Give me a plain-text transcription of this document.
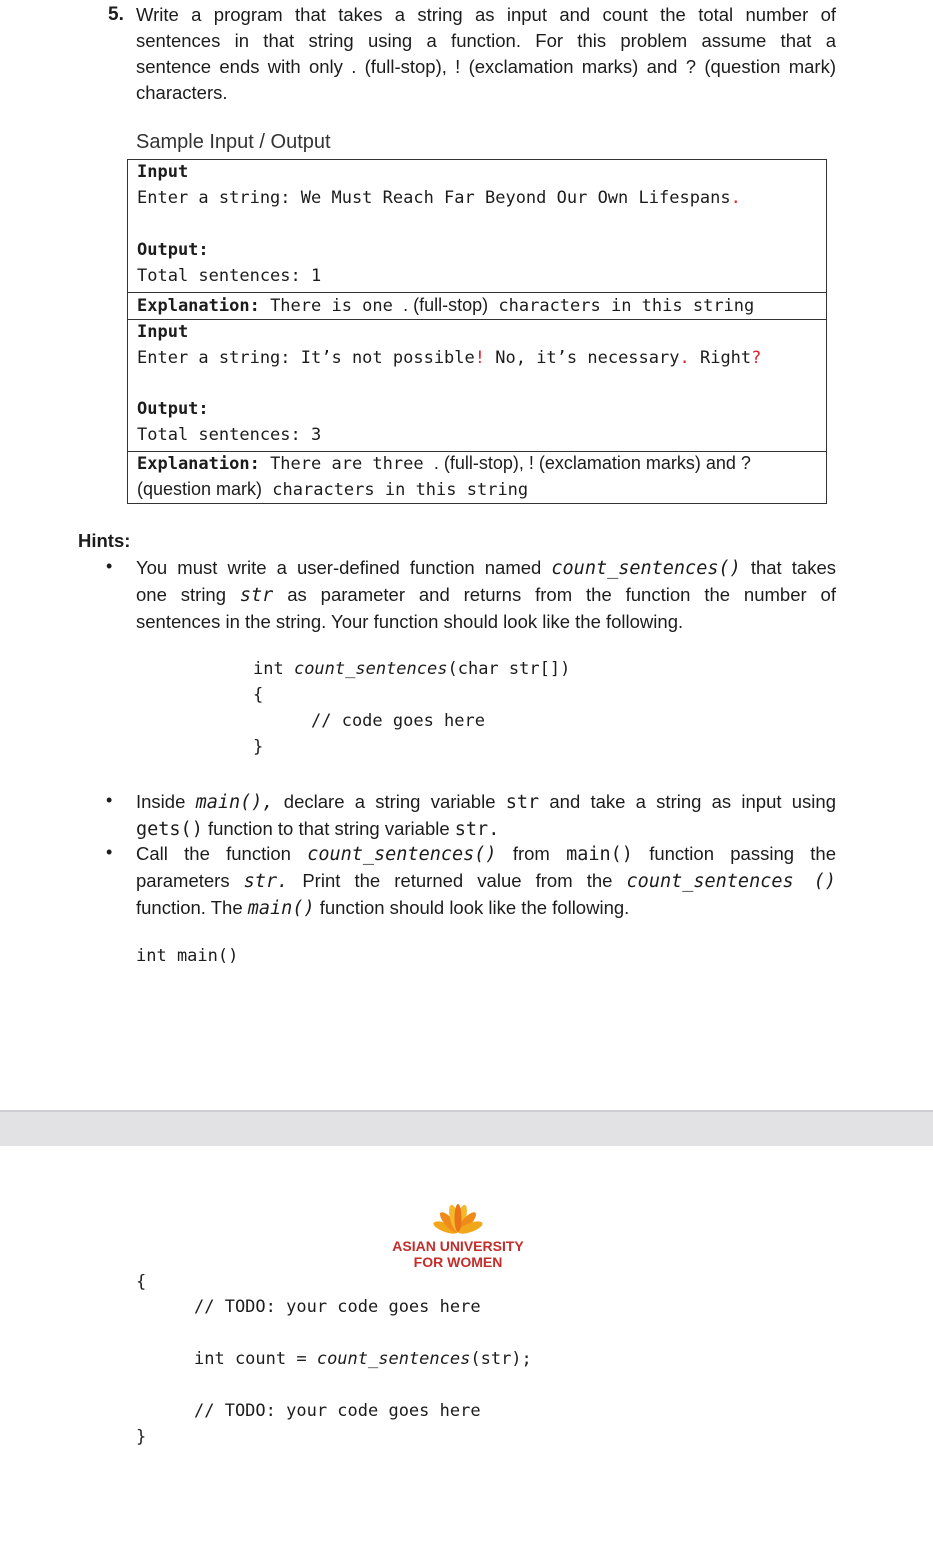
5. Write a program that takes a string as input and count the total number of
sentences in that string using a function. For this problem assume that a
sentence ends with only . (full-stop), ! (exclamation marks) and ? (question mark)
characters.
Sample Input / Output
Input
Enter a string: We Must Reach Far Beyond Our Own Lifespans.
Output:
Total sentences: 1
Explanation: There is one . (full-stop) characters in this string
Input
Enter a string: It’s not possible! No, it’s necessary. Right?
Output:
Total sentences: 3
Explanation: There are three . (full-stop), ! (exclamation marks) and ?
(question mark) characters in this string
Hints:
• You must write a user-defined function named count_sentences() that takes
one string str as parameter and returns from the function the number of
sentences in the string. Your function should look like the following.
int count_sentences(char str[])
{
// code goes here
}
• Inside main(), declare a string variable str and take a string as input using
gets() function to that string variable str.
• Call the function count_sentences() from main() function passing the
parameters str. Print the returned value from the count_sentences ()
function. The main() function should look like the following.
int main()
ASIAN UNIVERSITY
FOR WOMEN
{
// TODO: your code goes here
int count = count_sentences(str);
// TODO: your code goes here
}
